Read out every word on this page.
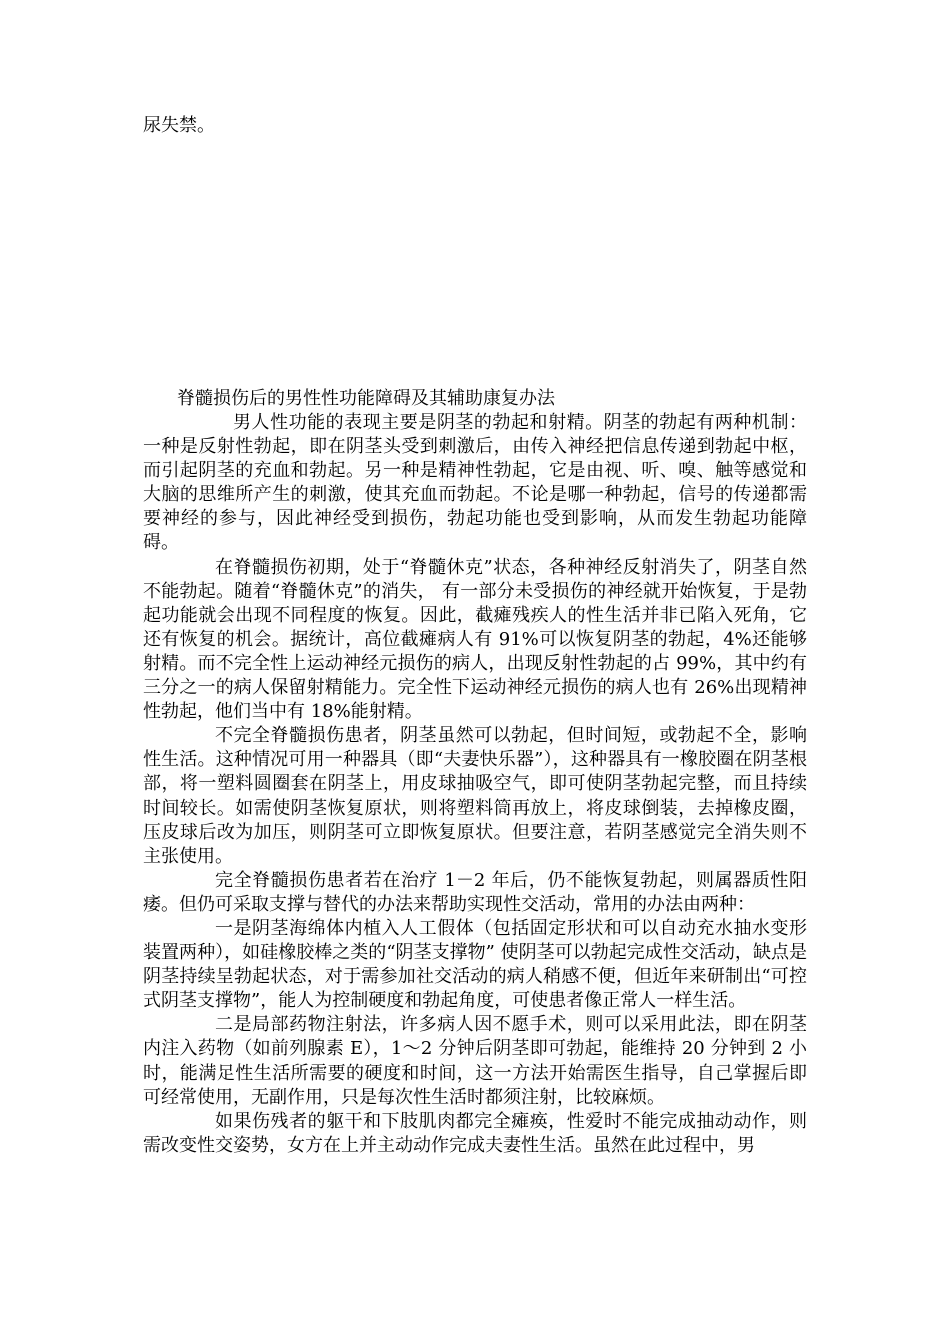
尿失禁。

脊髓损伤后的男性性功能障碍及其辅助康复办法

男人性功能的表现主要是阴茎的勃起和射精。阴茎的勃起有两种机制：一种是反射性勃起，即在阴茎头受到刺激后，由传入神经把信息传递到勃起中枢，而引起阴茎的充血和勃起。另一种是精神性勃起，它是由视、听、嗅、触等感觉和大脑的思维所产生的刺激，使其充血而勃起。不论是哪一种勃起，信号的传递都需要神经的参与，因此神经受到损伤，勃起功能也受到影响，从而发生勃起功能障碍。

在脊髓损伤初期，处于“脊髓休克”状态，各种神经反射消失了，阴茎自然不能勃起。随着“脊髓休克”的消失， 有一部分未受损伤的神经就开始恢复，于是勃起功能就会出现不同程度的恢复。因此，截瘫残疾人的性生活并非已陷入死角，它还有恢复的机会。据统计，高位截瘫病人有 91%可以恢复阴茎的勃起，4%还能够射精。而不完全性上运动神经元损伤的病人，出现反射性勃起的占 99%，其中约有三分之一的病人保留射精能力。完全性下运动神经元损伤的病人也有 26%出现精神性勃起，他们当中有 18%能射精。

不完全脊髓损伤患者，阴茎虽然可以勃起，但时间短，或勃起不全，影响性生活。这种情况可用一种器具（即“夫妻快乐器”），这种器具有一橡胶圈在阴茎根部，将一塑料圆圈套在阴茎上，用皮球抽吸空气，即可使阴茎勃起完整，而且持续时间较长。如需使阴茎恢复原状，则将塑料筒再放上，将皮球倒装，去掉橡皮圈，压皮球后改为加压，则阴茎可立即恢复原状。但要注意，若阴茎感觉完全消失则不主张使用。

完全脊髓损伤患者若在治疗 1－2 年后，仍不能恢复勃起，则属器质性阳痿。但仍可采取支撑与替代的办法来帮助实现性交活动，常用的办法由两种：

一是阴茎海绵体内植入人工假体（包括固定形状和可以自动充水抽水变形装置两种），如硅橡胶棒之类的“阴茎支撑物” 使阴茎可以勃起完成性交活动，缺点是阴茎持续呈勃起状态，对于需参加社交活动的病人稍感不便，但近年来研制出“可控式阴茎支撑物”，能人为控制硬度和勃起角度，可使患者像正常人一样生活。

二是局部药物注射法，许多病人因不愿手术，则可以采用此法，即在阴茎内注入药物（如前列腺素 E），1～2 分钟后阴茎即可勃起，能维持 20 分钟到 2 小时，能满足性生活所需要的硬度和时间，这一方法开始需医生指导，自己掌握后即可经常使用，无副作用，只是每次性生活时都须注射，比较麻烦。

如果伤残者的躯干和下肢肌肉都完全瘫痪，性爱时不能完成抽动动作，则需改变性交姿势，女方在上并主动动作完成夫妻性生活。虽然在此过程中，男
